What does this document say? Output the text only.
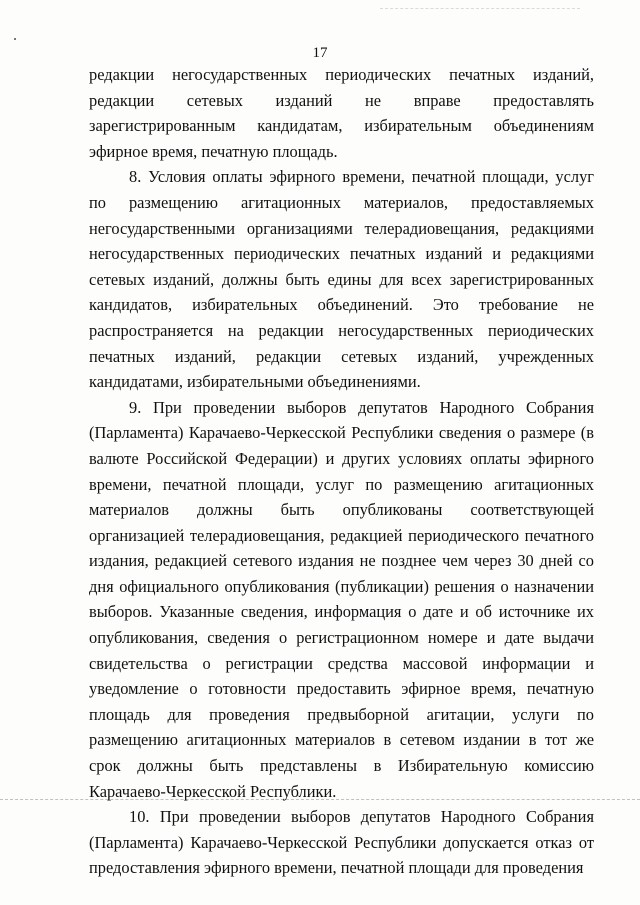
17

редакции негосударственных периодических печатных изданий, редакции сетевых изданий не вправе предоставлять зарегистрированным кандидатам, избирательным объединениям эфирное время, печатную площадь.

8. Условия оплаты эфирного времени, печатной площади, услуг по размещению агитационных материалов, предоставляемых негосударственными организациями телерадиовещания, редакциями негосударственных периодических печатных изданий и редакциями сетевых изданий, должны быть едины для всех зарегистрированных кандидатов, избирательных объединений. Это требование не распространяется на редакции негосударственных периодических печатных изданий, редакции сетевых изданий, учрежденных кандидатами, избирательными объединениями.

9. При проведении выборов депутатов Народного Собрания (Парламента) Карачаево-Черкесской Республики сведения о размере (в валюте Российской Федерации) и других условиях оплаты эфирного времени, печатной площади, услуг по размещению агитационных материалов должны быть опубликованы соответствующей организацией телерадиовещания, редакцией периодического печатного издания, редакцией сетевого издания не позднее чем через 30 дней со дня официального опубликования (публикации) решения о назначении выборов. Указанные сведения, информация о дате и об источнике их опубликования, сведения о регистрационном номере и дате выдачи свидетельства о регистрации средства массовой информации и уведомление о готовности предоставить эфирное время, печатную площадь для проведения предвыборной агитации, услуги по размещению агитационных материалов в сетевом издании в тот же срок должны быть представлены в Избирательную комиссию Карачаево-Черкесской Республики.

10. При проведении выборов депутатов Народного Собрания (Парламента) Карачаево-Черкесской Республики допускается отказ от предоставления эфирного времени, печатной площади для проведения
